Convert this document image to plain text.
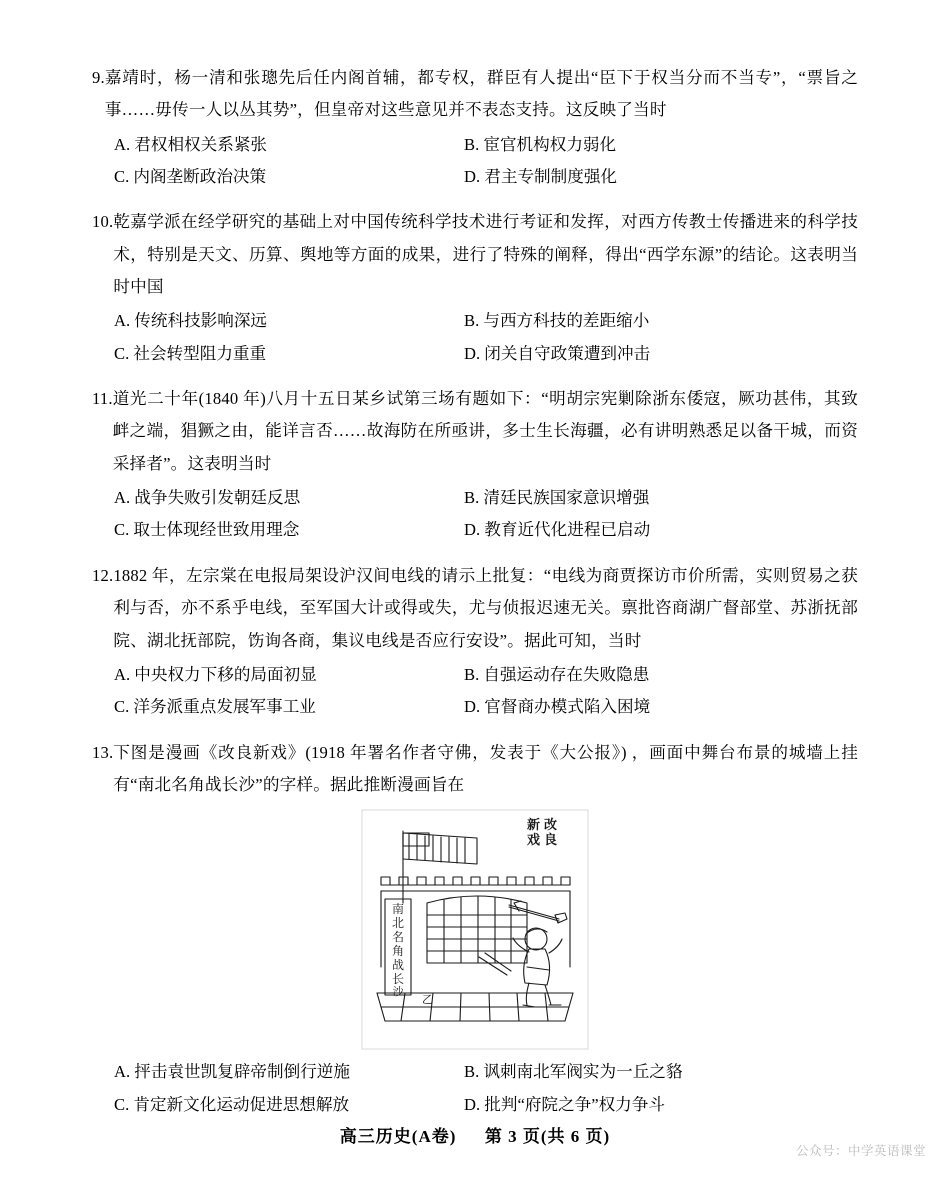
9. 嘉靖时，杨一清和张璁先后任内阁首辅，都专权，群臣有人提出“臣下于权当分而不当专”，“票旨之事……毋传一人以丛其势”，但皇帝对这些意见并不表态支持。这反映了当时
A. 君权相权关系紧张	B. 宦官机构权力弱化
C. 内阁垄断政治决策	D. 君主专制制度强化
10. 乾嘉学派在经学研究的基础上对中国传统科学技术进行考证和发挥，对西方传教士传播进来的科学技术，特别是天文、历算、舆地等方面的成果，进行了特殊的阐释，得出“西学东源”的结论。这表明当时中国
A. 传统科技影响深远	B. 与西方科技的差距缩小
C. 社会转型阻力重重	D. 闭关自守政策遭到冲击
11. 道光二十年(1840 年)八月十五日某乡试第三场有题如下：“明胡宗宪剿除浙东倭寇，厥功甚伟，其致衅之端，猖獗之由，能详言否……故海防在所亟讲，多士生长海疆，必有讲明熟悉足以备干城，而资采择者”。这表明当时
A. 战争失败引发朝廷反思	B. 清廷民族国家意识增强
C. 取士体现经世致用理念	D. 教育近代化进程已启动
12. 1882 年，左宗棠在电报局架设沪汉间电线的请示上批复：“电线为商贾探访市价所需，实则贸易之获利与否，亦不系乎电线，至军国大计或得或失，尤与侦报迟速无关。禀批咨商湖广督部堂、苏浙抚部院、湖北抚部院，饬询各商，集议电线是否应行安设”。据此可知，当时
A. 中央权力下移的局面初显	B. 自强运动存在失败隐患
C. 洋务派重点发展军事工业	D. 官督商办模式陷入困境
13. 下图是漫画《改良新戏》(1918 年署名作者守佛，发表于《大公报》) ，画面中舞台布景的城墙上挂有“南北名角战长沙”的字样。据此推断漫画旨在
改
新
良
戏
南
北
名
角
战
长
沙
乙
A. 抨击袁世凯复辟帝制倒行逆施	B. 讽刺南北军阀实为一丘之貉
C. 肯定新文化运动促进思想解放	D. 批判“府院之争”权力争斗
高三历史(A卷) 第 3 页(共 6 页)
公众号：中学英语课堂
